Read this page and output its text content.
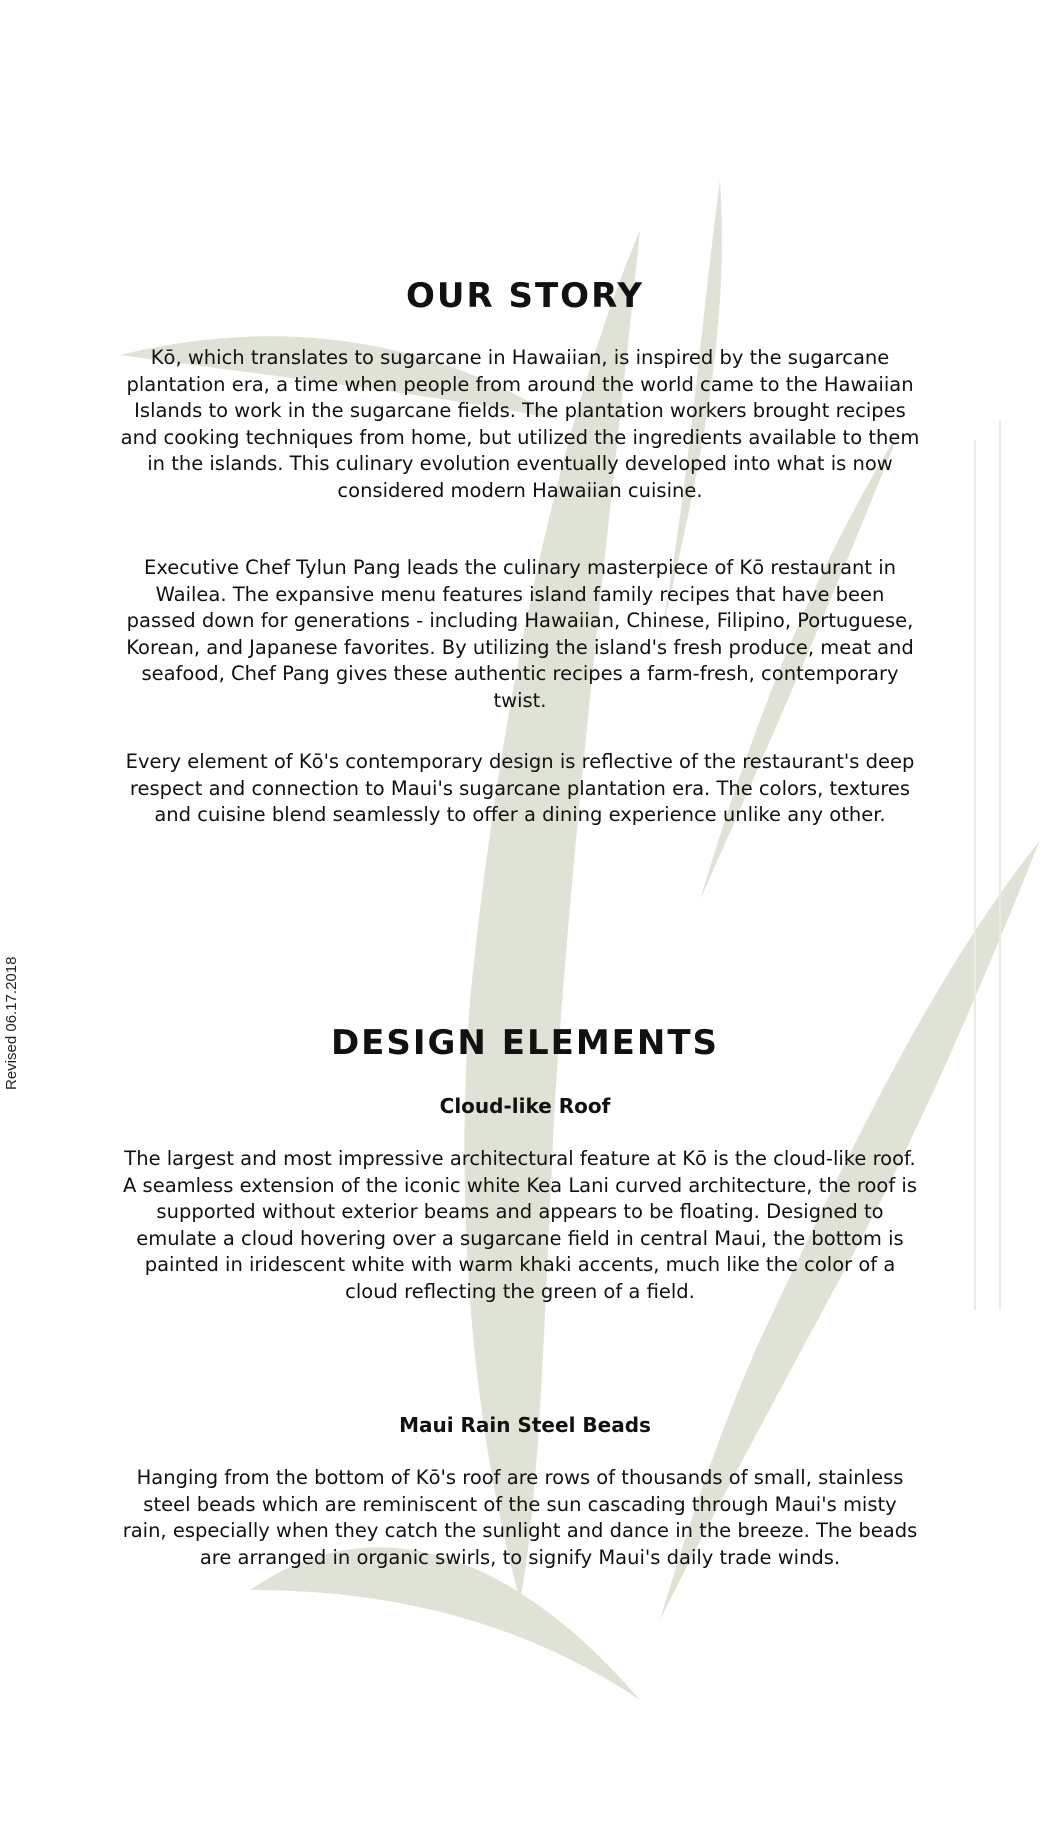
Revised 06.17.2018
OUR STORY

Kō, which translates to sugarcane in Hawaiian, is inspired by the sugarcane plantation era, a time when people from around the world came to the Hawaiian Islands to work in the sugarcane fields. The plantation workers brought recipes and cooking techniques from home, but utilized the ingredients available to them in the islands. This culinary evolution eventually developed into what is now considered modern Hawaiian cuisine.

Executive Chef Tylun Pang leads the culinary masterpiece of Kō restaurant in Wailea. The expansive menu features island family recipes that have been passed down for generations - including Hawaiian, Chinese, Filipino, Portuguese, Korean, and Japanese favorites. By utilizing the island's fresh produce, meat and seafood, Chef Pang gives these authentic recipes a farm-fresh, contemporary twist.

Every element of Kō's contemporary design is reflective of the restaurant's deep respect and connection to Maui's sugarcane plantation era. The colors, textures and cuisine blend seamlessly to offer a dining experience unlike any other.

DESIGN ELEMENTS
Cloud-like Roof

The largest and most impressive architectural feature at Kō is the cloud-like roof. A seamless extension of the iconic white Kea Lani curved architecture, the roof is supported without exterior beams and appears to be floating. Designed to emulate a cloud hovering over a sugarcane field in central Maui, the bottom is painted in iridescent white with warm khaki accents, much like the color of a cloud reflecting the green of a field.

Maui Rain Steel Beads

Hanging from the bottom of Kō's roof are rows of thousands of small, stainless steel beads which are reminiscent of the sun cascading through Maui's misty rain, especially when they catch the sunlight and dance in the breeze. The beads are arranged in organic swirls, to signify Maui's daily trade winds.
